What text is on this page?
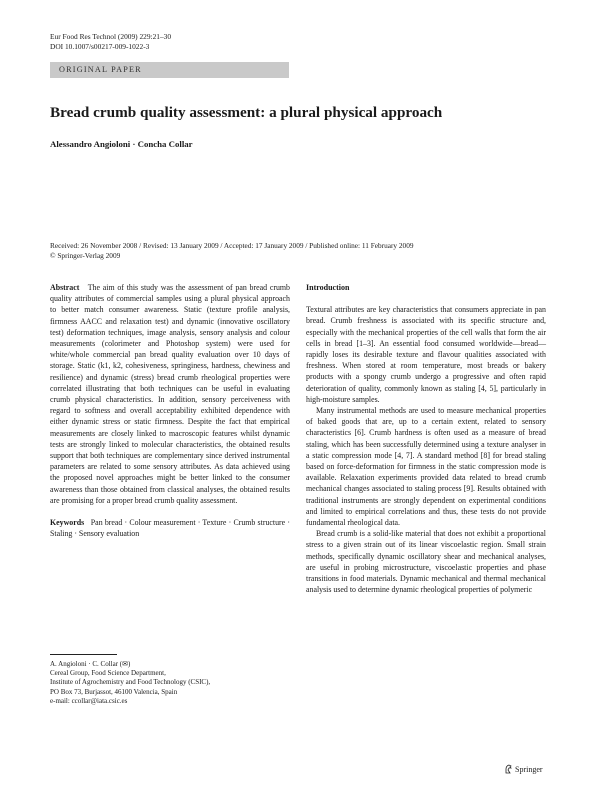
Eur Food Res Technol (2009) 229:21–30
DOI 10.1007/s00217-009-1022-3
ORIGINAL PAPER
Bread crumb quality assessment: a plural physical approach
Alessandro Angioloni · Concha Collar
Received: 26 November 2008 / Revised: 13 January 2009 / Accepted: 17 January 2009 / Published online: 11 February 2009
© Springer-Verlag 2009

Abstract The aim of this study was the assessment of pan bread crumb quality attributes of commercial samples using a plural physical approach to better match consumer awareness. Static (texture profile analysis, firmness AACC and relaxation test) and dynamic (innovative oscillatory test) deformation techniques, image analysis, sensory analysis and colour measurements (colorimeter and Photoshop system) were used for white/whole commercial pan bread quality evaluation over 10 days of storage. Static (k1, k2, cohesiveness, springiness, hardness, chewiness and resilience) and dynamic (stress) bread crumb rheological properties were correlated illustrating that both techniques can be useful in evaluating crumb physical characteristics. In addition, sensory perceiveness with regard to softness and overall acceptability exhibited dependence with either dynamic stress or static firmness. Despite the fact that empirical measurements are closely linked to macroscopic features whilst dynamic tests are strongly linked to molecular characteristics, the obtained results support that both techniques are complementary since derived instrumental parameters are related to some sensory attributes. As data achieved using the proposed novel approaches might be better linked to the consumer awareness than those obtained from classical analyses, the obtained results are promising for a proper bread crumb quality assessment.

Keywords Pan bread · Colour measurement · Texture · Crumb structure · Staling · Sensory evaluation

A. Angioloni · C. Collar (✉)
Cereal Group, Food Science Department,
Institute of Agrochemistry and Food Technology (CSIC),
PO Box 73, Burjassot, 46100 Valencia, Spain
e-mail: ccollar@iata.csic.es

Introduction

Textural attributes are key characteristics that consumers appreciate in pan bread. Crumb freshness is associated with its specific structure and, especially with the mechanical properties of the cell walls that form the air cells in bread [1–3]. An essential food consumed worldwide—bread—rapidly loses its desirable texture and flavour qualities associated with freshness. When stored at room temperature, most breads or bakery products with a spongy crumb undergo a progressive and often rapid deterioration of quality, commonly known as staling [4, 5], particularly in high-moisture samples.

Many instrumental methods are used to measure mechanical properties of baked goods that are, up to a certain extent, related to sensory characteristics [6]. Crumb hardness is often used as a measure of bread staling, which has been successfully determined using a texture analyser in a static compression mode [4, 7]. A standard method [8] for bread staling based on force-deformation for firmness in the static compression mode is available. Relaxation experiments provided data related to bread crumb mechanical changes associated to staling process [9]. Results obtained with traditional instruments are strongly dependent on experimental conditions and limited to empirical correlations and thus, these tests do not provide fundamental rheological data.

Bread crumb is a solid-like material that does not exhibit a proportional stress to a given strain out of its linear viscoelastic region. Small strain methods, specifically dynamic oscillatory shear and mechanical analyses, are useful in probing microstructure, viscoelastic properties and phase transitions in food materials. Dynamic mechanical and thermal mechanical analysis used to determine dynamic rheological properties of polymeric

Springer
